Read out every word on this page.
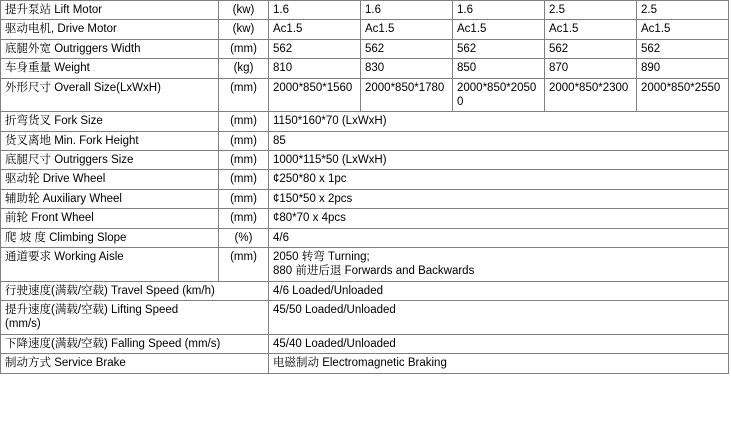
提升泵站 Lift Motor	(kw)	1.6	1.6	1.6	2.5	2.5
驱动电机, Drive Motor	(kw)	Ac1.5	Ac1.5	Ac1.5	Ac1.5	Ac1.5
底腿外宽 Outriggers Width	(mm)	562	562	562	562	562
车身重量 Weight	(kg)	810	830	850	870	890
外形尺寸 Overall Size(LxWxH)	(mm)	2000*850*1560	2000*850*1780	2000*850*20500	2000*850*2300	2000*850*2550
折弯货叉 Fork Size	(mm)	1150*160*70 (LxWxH)				
货叉离地 Min. Fork Height	(mm)	85				
底腿尺寸 Outriggers Size	(mm)	1000*115*50 (LxWxH)				
驱动轮 Drive Wheel	(mm)	¢250*80 x 1pc				
辅助轮 Auxiliary Wheel	(mm)	¢150*50 x 2pcs				
前轮 Front Wheel	(mm)	¢80*70 x 4pcs				
爬 坡 度 Climbing Slope	(%)	4/6				
通道要求 Working Aisle	(mm)	2050 转弯 Turning;
880 前进后退 Forwards and Backwards				
行驶速度(满载/空载) Travel Speed (km/h)		4/6 Loaded/Unloaded				
提升速度(满载/空载) Lifting Speed
(mm/s)		45/50 Loaded/Unloaded				
下降速度(满载/空载) Falling Speed (mm/s)		45/40 Loaded/Unloaded				
制动方式 Service Brake		电磁制动 Electromagnetic Braking				
